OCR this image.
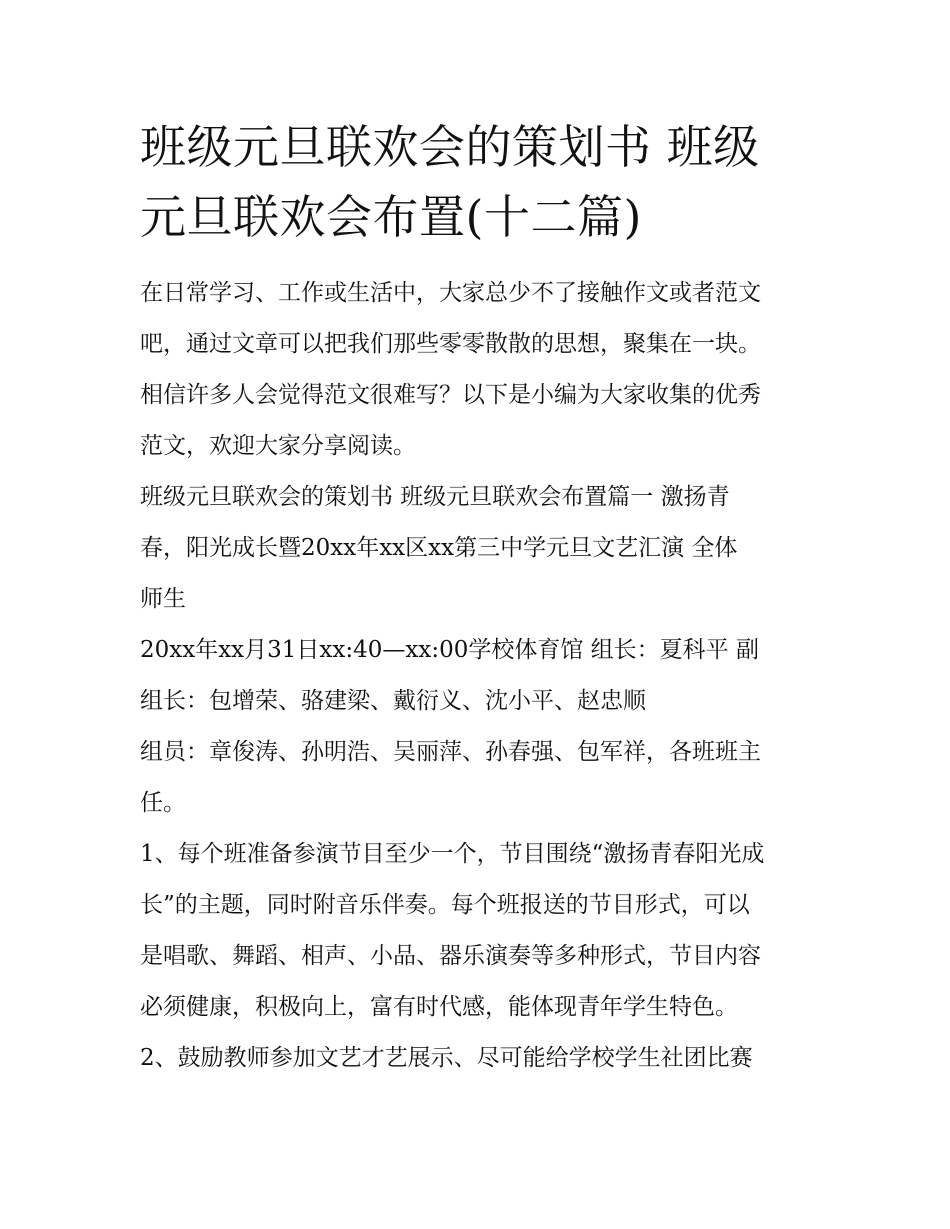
班级元旦联欢会的策划书 班级
元旦联欢会布置(十二篇)

在日常学习、工作或生活中，大家总少不了接触作文或者范文
吧，通过文章可以把我们那些零零散散的思想，聚集在一块。
相信许多人会觉得范文很难写？以下是小编为大家收集的优秀
范文，欢迎大家分享阅读。

班级元旦联欢会的策划书 班级元旦联欢会布置篇一 激扬青
春，阳光成长暨20xx年xx区xx第三中学元旦文艺汇演 全体
师生

20xx年xx月31日xx:40—xx:00学校体育馆 组长：夏科平 副
组长：包增荣、骆建梁、戴衍义、沈小平、赵忠顺

组员：章俊涛、孙明浩、吴丽萍、孙春强、包军祥，各班班主
任。

1、每个班准备参演节目至少一个，节目围绕“激扬青春阳光成
长”的主题，同时附音乐伴奏。每个班报送的节目形式，可以
是唱歌、舞蹈、相声、小品、器乐演奏等多种形式，节目内容
必须健康，积极向上，富有时代感，能体现青年学生特色。

2、鼓励教师参加文艺才艺展示、尽可能给学校学生社团比赛
